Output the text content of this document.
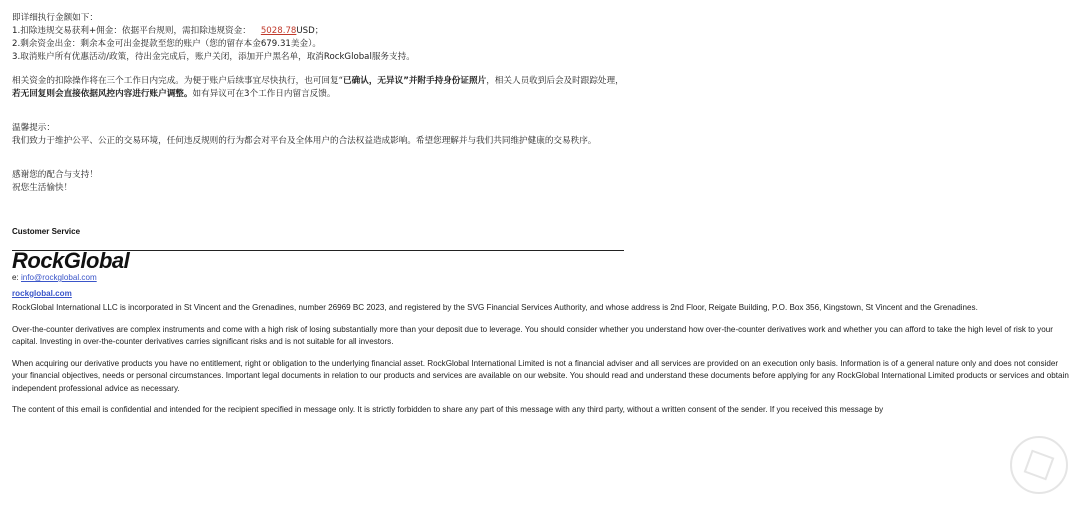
即详细执行金额如下：
1.扣除违规交易获利+佣金：依据平台规则，需扣除违规资金： 5028.78USD；
2.剩余资金出金：剩余本金可出金提款至您的账户（您的留存本金679.31美金）。
3.取消账户所有优惠活动/政策，待出金完成后，账户关闭，添加开户黑名单，取消RockGlobal服务支持。
相关资金的扣除操作将在三个工作日内完成。为便于账户后续事宜尽快执行，也可回复“已确认，无异议”并附手持身份证照片，相关人员收到后会及时跟踪处理，
若无回复则会直接依据风控内容进行账户调整。如有异议可在3个工作日内留言反馈。
温馨提示：
我们致力于维护公平、公正的交易环境，任何违反规则的行为都会对平台及全体用户的合法权益造成影响。希望您理解并与我们共同维护健康的交易秩序。
感谢您的配合与支持！
祝您生活愉快！
Customer Service
RockGlobal
e: info@rockglobal.com
rockglobal.com
RockGlobal International LLC is incorporated in St Vincent and the Grenadines, number 26969 BC 2023, and registered by the SVG Financial Services Authority, and whose address is 2nd Floor, Reigate Building, P.O. Box 356, Kingstown, St Vincent and the Grenadines.
Over-the-counter derivatives are complex instruments and come with a high risk of losing substantially more than your deposit due to leverage. You should consider whether you understand how over-the-counter derivatives work and whether you can afford to take the high level of risk to your capital. Investing in over-the-counter derivatives carries significant risks and is not suitable for all investors.
When acquiring our derivative products you have no entitlement, right or obligation to the underlying financial asset. RockGlobal International Limited is not a financial adviser and all services are provided on an execution only basis. Information is of a general nature only and does not consider your financial objectives, needs or personal circumstances. Important legal documents in relation to our products and services are available on our website. You should read and understand these documents before applying for any RockGlobal International Limited products or services and obtain independent professional advice as necessary.
The content of this email is confidential and intended for the recipient specified in message only. It is strictly forbidden to share any part of this message with any third party, without a written consent of the sender. If you received this message by
